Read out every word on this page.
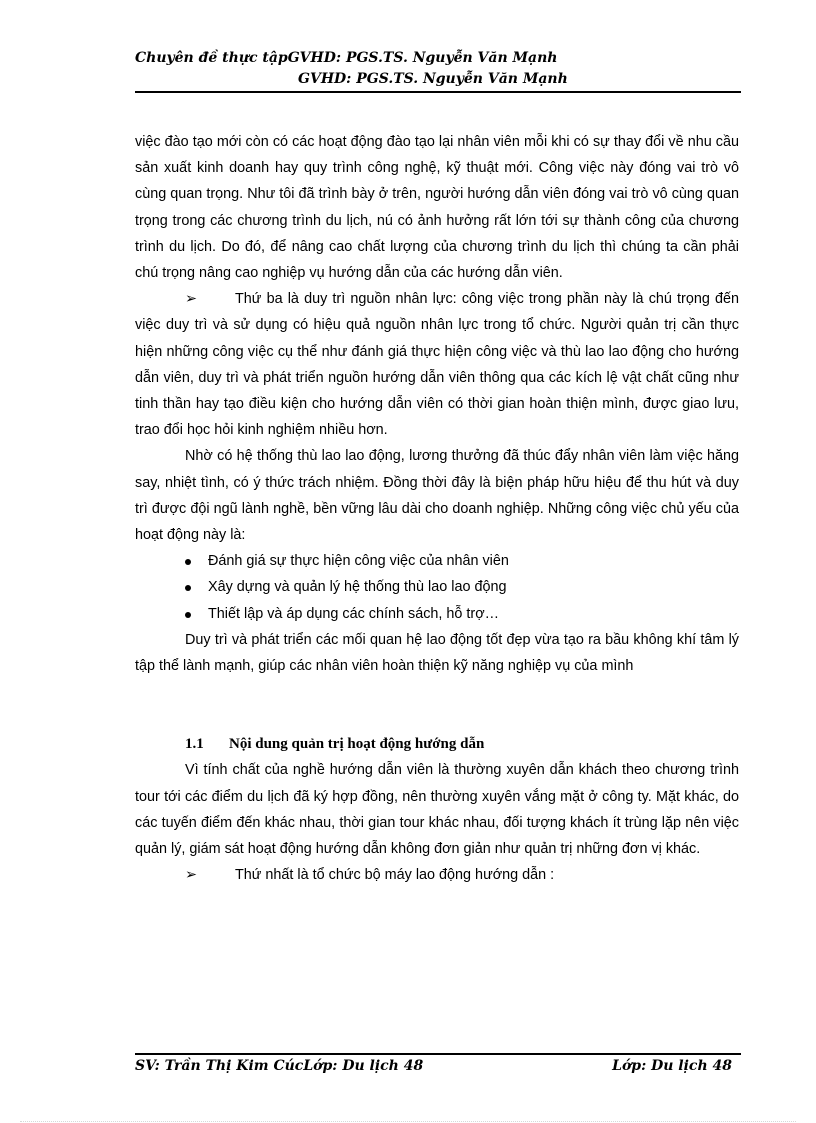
Chuyên đề thực tậpGVHD: PGS.TS. Nguyễn Văn Mạnh
GVHD: PGS.TS. Nguyễn Văn Mạnh

việc đào tạo mới còn có các hoạt động đào tạo lại nhân viên mỗi khi có sự thay đổi về nhu cầu sản xuất kinh doanh hay quy trình công nghệ, kỹ thuật mới. Công việc này đóng vai trò vô cùng quan trọng. Như tôi đã trình bày ở trên, người hướng dẫn viên đóng vai trò vô cùng quan trọng trong các chương trình du lịch, nú có ảnh hưởng rất lớn tới sự thành công của chương trình du lịch. Do đó, để nâng cao chất lượng của chương trình du lịch thì chúng ta cần phải chú trọng nâng cao nghiệp vụ hướng dẫn của các hướng dẫn viên.

➢	Thứ ba là duy trì nguồn nhân lực: công việc trong phần này là chú trọng đến việc duy trì và sử dụng có hiệu quả nguồn nhân lực trong tổ chức. Người quản trị cần thực hiện những công việc cụ thể như đánh giá thực hiện công việc và thù lao lao động cho hướng dẫn viên, duy trì và phát triển nguồn hướng dẫn viên thông qua các kích lệ vật chất cũng như tinh thần hay tạo điều kiện cho hướng dẫn viên có thời gian hoàn thiện mình, được giao lưu, trao đổi học hỏi kinh nghiệm nhiều hơn.

Nhờ có hệ thống thù lao lao động, lương thưởng đã thúc đẩy nhân viên làm việc hăng say, nhiệt tình, có ý thức trách nhiệm. Đồng thời đây là biện pháp hữu hiệu để thu hút và duy trì được đội ngũ lành nghề, bền vững lâu dài cho doanh nghiệp. Những công việc chủ yếu của hoạt động này là:

Đánh giá sự thực hiện công việc của nhân viên
Xây dựng và quản lý hệ thống thù lao lao động
Thiết lập và áp dụng các chính sách, hỗ trợ…

Duy trì và phát triển các mối quan hệ lao động tốt đẹp vừa tạo ra bầu không khí tâm lý tập thể lành mạnh, giúp các nhân viên hoàn thiện kỹ năng nghiệp vụ của mình

1.1 Nội dung quản trị hoạt động hướng dẫn

Vì tính chất của nghề hướng dẫn viên là thường xuyên dẫn khách theo chương trình tour tới các điểm du lịch đã ký hợp đồng, nên thường xuyên vắng mặt ở công ty. Mặt khác, do các tuyến điểm đến khác nhau, thời gian tour khác nhau, đối tượng khách ít trùng lặp nên việc quản lý, giám sát hoạt động hướng dẫn không đơn giản như quản trị những đơn vị khác.

➢	Thứ nhất là tổ chức bộ máy lao động hướng dẫn :

SV: Trần Thị Kim CúcLớp: Du lịch 48	Lớp: Du lịch 48
